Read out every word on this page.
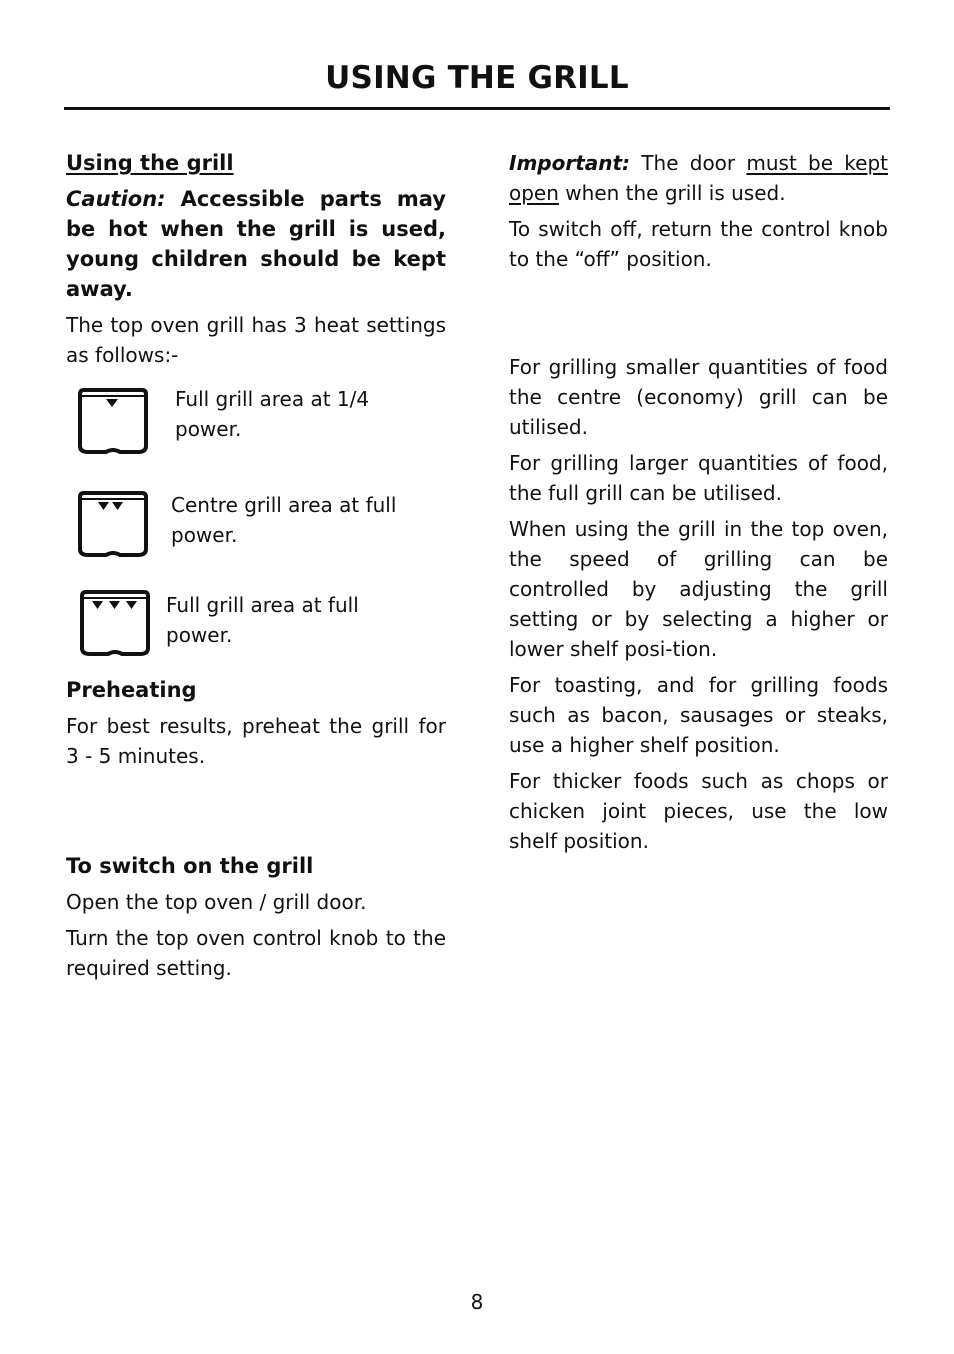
USING THE GRILL
Using the grill
Caution: Accessible parts may be hot when the grill is used, young children should be kept away.

The top oven grill has 3 heat settings as follows:-

Full grill area at 1/4

power.

Centre grill area at full

power.

Full grill area at full

power.

Preheating

For best results, preheat the grill for 3 - 5 minutes.

To switch on the grill

Open the top oven / grill door.

Turn the top oven control knob to the required setting.

Important: The door must be kept open when the grill is used.

To switch off, return the control knob to the “off” position.

For grilling smaller quantities of food the centre (economy) grill can be utilised.

For grilling larger quantities of food, the full grill can be utilised.

When using the grill in the top oven, the speed of grilling can be controlled by adjusting the grill setting or by selecting a higher or lower shelf posi-tion.

For toasting, and for grilling foods such as bacon, sausages or steaks, use a higher shelf position.

For thicker foods such as chops or chicken joint pieces, use the low shelf position.

8
